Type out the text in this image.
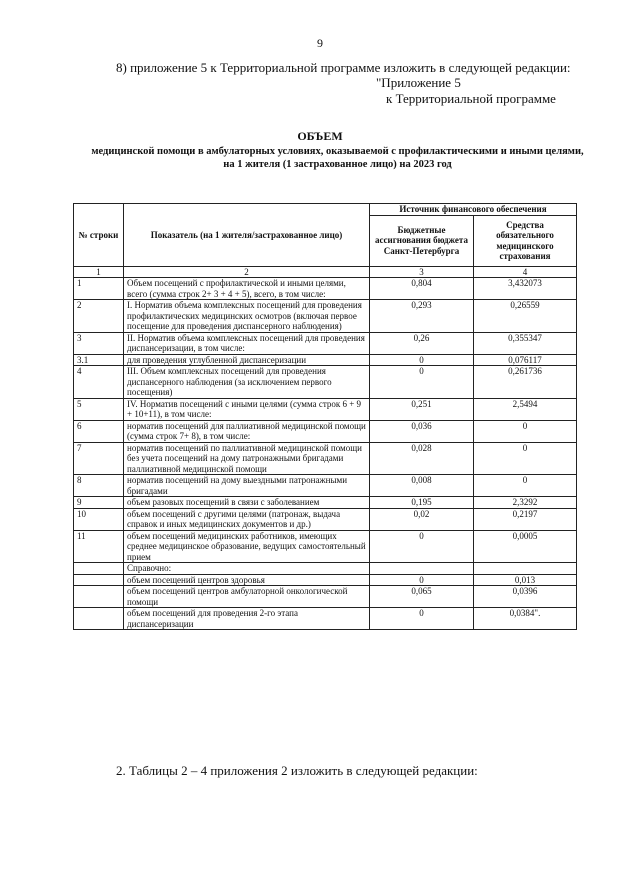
9
8) приложение 5 к Территориальной программе изложить в следующей редакции:
"Приложение 5
к Территориальной программе
ОБЪЕМ
медицинской помощи в амбулаторных условиях, оказываемой с профилактическими и иными целями, на 1 жителя (1 застрахованное лицо) на 2023 год
№ строки	Показатель (на 1 жителя/застрахованное лицо)	Источник финансового обеспечения	
		Бюджетные ассигнования бюджета Санкт-Петербурга	Средства обязательного медицинского страхования
1	2	3	4
1	Объем посещений с профилактической и иными целями, всего (сумма строк 2+ 3 + 4 + 5), всего, в том числе:	0,804	3,432073
2	I. Норматив объема комплексных посещений для проведения профилактических медицинских осмотров (включая первое посещение для проведения диспансерного наблюдения)	0,293	0,26559
3	II. Норматив объема комплексных посещений для проведения диспансеризации, в том числе:	0,26	0,355347
3.1	для проведения углубленной диспансеризации	0	0,076117
4	III. Объем комплексных посещений для проведения диспансерного наблюдения (за исключением первого посещения)	0	0,261736
5	IV. Норматив посещений с иными целями (сумма строк 6 + 9 + 10+11), в том числе:	0,251	2,5494
6	норматив посещений для паллиативной медицинской помощи (сумма строк 7+ 8), в том числе:	0,036	0
7	норматив посещений по паллиативной медицинской помощи без учета посещений на дому патронажными бригадами паллиативной медицинской помощи	0,028	0
8	норматив посещений на дому выездными патронажными бригадами	0,008	0
9	объем разовых посещений в связи с заболеванием	0,195	2,3292
10	объем посещений с другими целями (патронаж, выдача справок и иных медицинских документов и др.)	0,02	0,2197
11	объем посещений медицинских работников, имеющих среднее медицинское образование, ведущих самостоятельный прием	0	0,0005
	Справочно:		
	объем посещений центров здоровья	0	0,013
	объем посещений центров амбулаторной онкологической помощи	0,065	0,0396
	объем посещений для проведения 2-го этапа диспансеризации	0	0,0384".
2. Таблицы 2 – 4 приложения 2 изложить в следующей редакции:
